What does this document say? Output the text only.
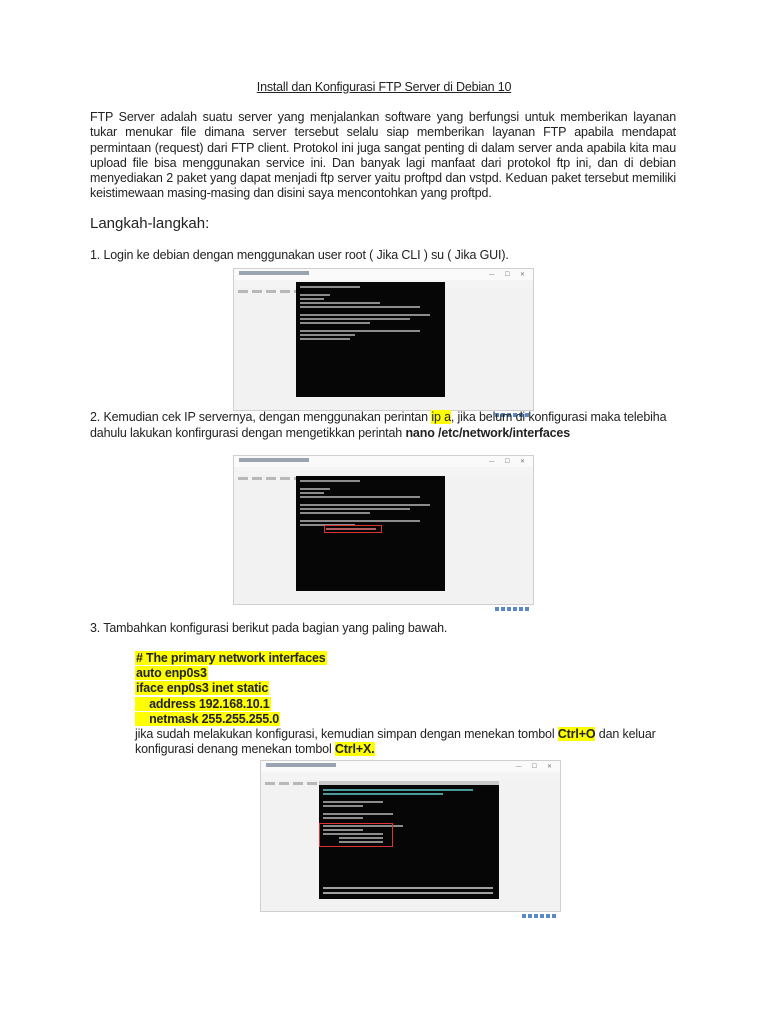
Install dan Konfigurasi FTP Server di Debian 10
FTP Server adalah suatu server yang menjalankan software yang berfungsi untuk memberikan layanan tukar menukar file dimana server tersebut selalu siap memberikan layanan FTP apabila mendapat permintaan (request) dari FTP client. Protokol ini juga sangat penting di dalam server anda apabila kita mau upload file bisa menggunakan service ini. Dan banyak lagi manfaat dari protokol ftp ini, dan di debian menyediakan 2 paket yang dapat menjadi ftp server yaitu proftpd dan vstpd. Keduan paket tersebut memiliki keistimewaan masing-masing dan disini saya mencontohkan yang proftpd.
Langkah-langkah:
1. Login ke debian dengan menggunakan user root ( Jika CLI ) su ( Jika GUI).
— ☐ ✕
2. Kemudian cek IP servernya, dengan menggunakan perintan ip a, jika belum di konfigurasi maka telebiha
dahulu lakukan konfirgurasi dengan mengetikkan perintah nano /etc/network/interfaces
— ☐ ✕
3. Tambahkan konfigurasi berikut pada bagian yang paling bawah.
# The primary network interfaces
auto enp0s3
iface enp0s3 inet static
address 192.168.10.1
netmask 255.255.255.0
jika sudah melakukan konfigurasi, kemudian simpan dengan menekan tombol Ctrl+O dan keluar
konfigurasi denang menekan tombol Ctrl+X.
— ☐ ✕
